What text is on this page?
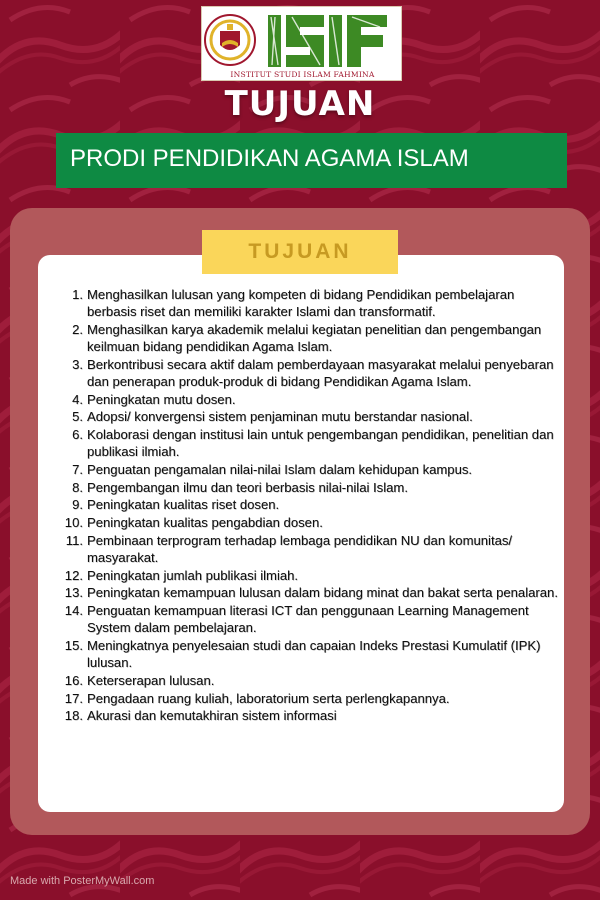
INSTITUT STUDI ISLAM FAHMINA
TUJUAN
PRODI PENDIDIKAN AGAMA ISLAM
TUJUAN
1. Menghasilkan lulusan yang kompeten di bidang Pendidikan pembelajaran berbasis riset dan memiliki karakter Islami dan transformatif.
2. Menghasilkan karya akademik melalui kegiatan penelitian dan pengembangan keilmuan bidang pendidikan Agama Islam.
3. Berkontribusi secara aktif dalam pemberdayaan masyarakat melalui penyebaran dan penerapan produk-produk di bidang Pendidikan Agama Islam.
4. Peningkatan mutu dosen.
5. Adopsi/ konvergensi sistem penjaminan mutu berstandar nasional.
6. Kolaborasi dengan institusi lain untuk pengembangan pendidikan, penelitian dan publikasi ilmiah.
7. Penguatan pengamalan nilai-nilai Islam dalam kehidupan kampus.
8. Pengembangan ilmu dan teori berbasis nilai-nilai Islam.
9. Peningkatan kualitas riset dosen.
10. Peningkatan kualitas pengabdian dosen.
11. Pembinaan terprogram terhadap lembaga pendidikan NU dan komunitas/ masyarakat.
12. Peningkatan jumlah publikasi ilmiah.
13. Peningkatan kemampuan lulusan dalam bidang minat dan bakat serta penalaran.
14. Penguatan kemampuan literasi ICT dan penggunaan Learning Management System dalam pembelajaran.
15. Meningkatnya penyelesaian studi dan capaian Indeks Prestasi Kumulatif (IPK) lulusan.
16. Keterserapan lulusan.
17. Pengadaan ruang kuliah, laboratorium serta perlengkapannya.
18. Akurasi dan kemutakhiran sistem informasi
Made with PosterMyWall.com
